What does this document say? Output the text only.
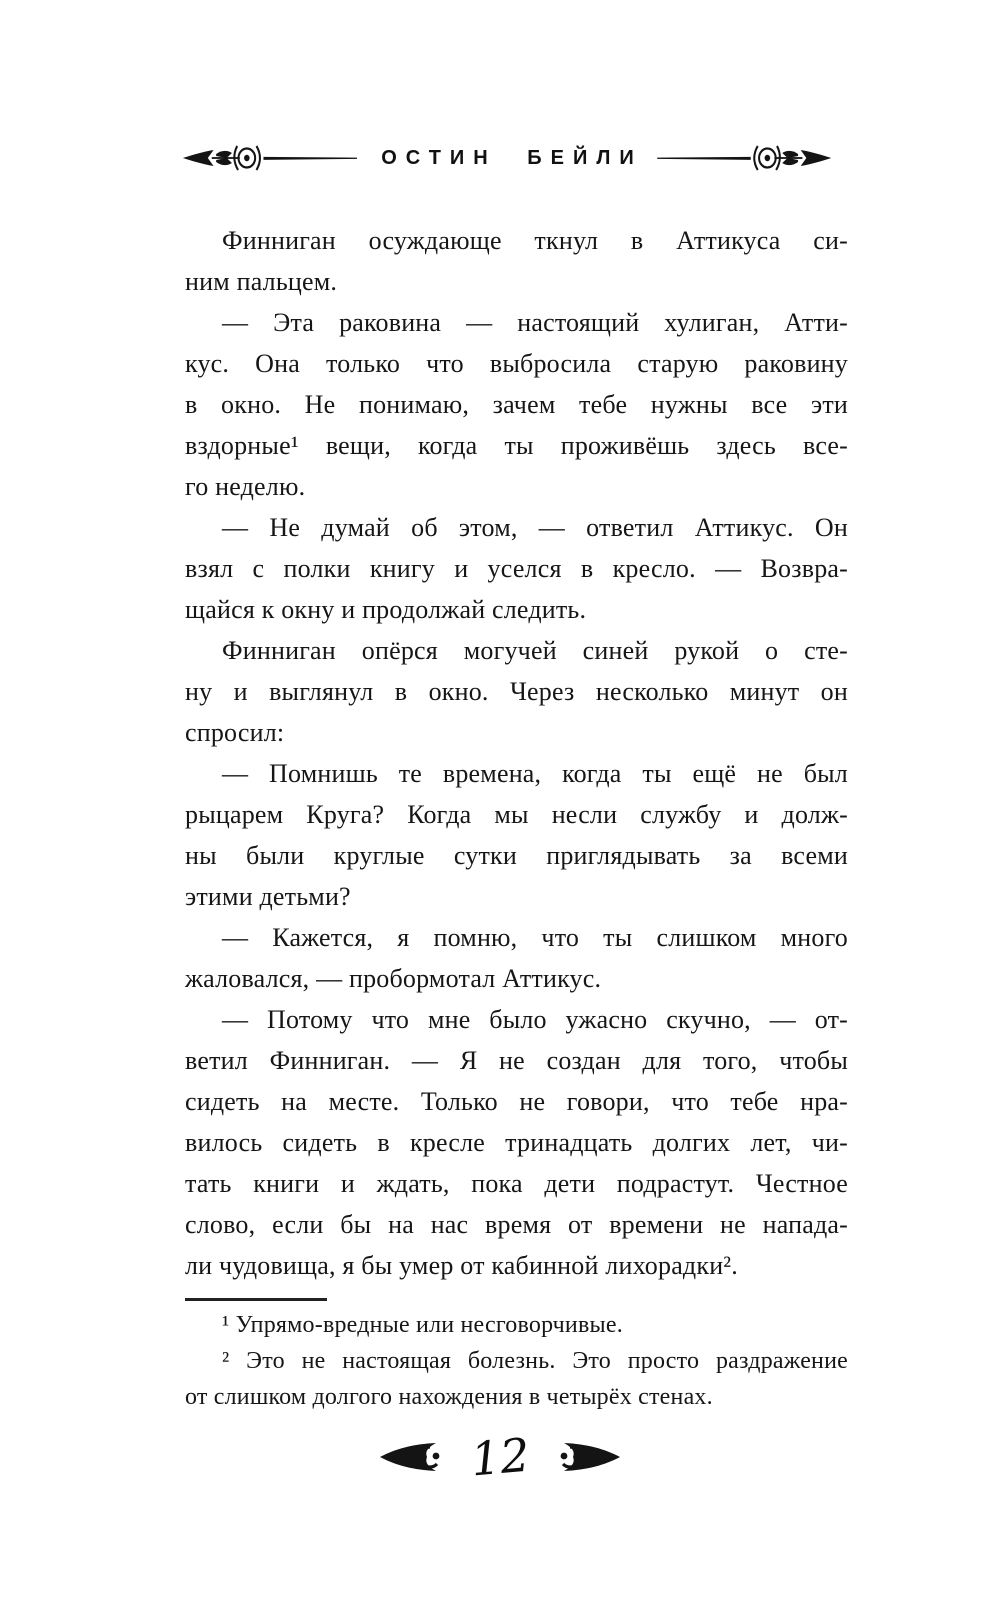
ОСТИН БЕЙЛИ
Финниган осуждающе ткнул в Аттикуса си-
ним пальцем.
— Эта раковина — настоящий хулиган, Атти-
кус. Она только что выбросила старую раковину
в окно. Не понимаю, зачем тебе нужны все эти
вздорные¹ вещи, когда ты проживёшь здесь все-
го неделю.
— Не думай об этом, — ответил Аттикус. Он
взял с полки книгу и уселся в кресло. — Возвра-
щайся к окну и продолжай следить.
Финниган опёрся могучей синей рукой о сте-
ну и выглянул в окно. Через несколько минут он
спросил:
— Помнишь те времена, когда ты ещё не был
рыцарем Круга? Когда мы несли службу и долж-
ны были круглые сутки приглядывать за всеми
этими детьми?
— Кажется, я помню, что ты слишком много
жаловался, — пробормотал Аттикус.
— Потому что мне было ужасно скучно, — от-
ветил Финниган. — Я не создан для того, чтобы
сидеть на месте. Только не говори, что тебе нра-
вилось сидеть в кресле тринадцать долгих лет, чи-
тать книги и ждать, пока дети подрастут. Честное
слово, если бы на нас время от времени не напада-
ли чудовища, я бы умер от кабинной лихорадки².
¹ Упрямо-вредные или несговорчивые.
² Это не настоящая болезнь. Это просто раздражение
от слишком долгого нахождения в четырёх стенах.
12
